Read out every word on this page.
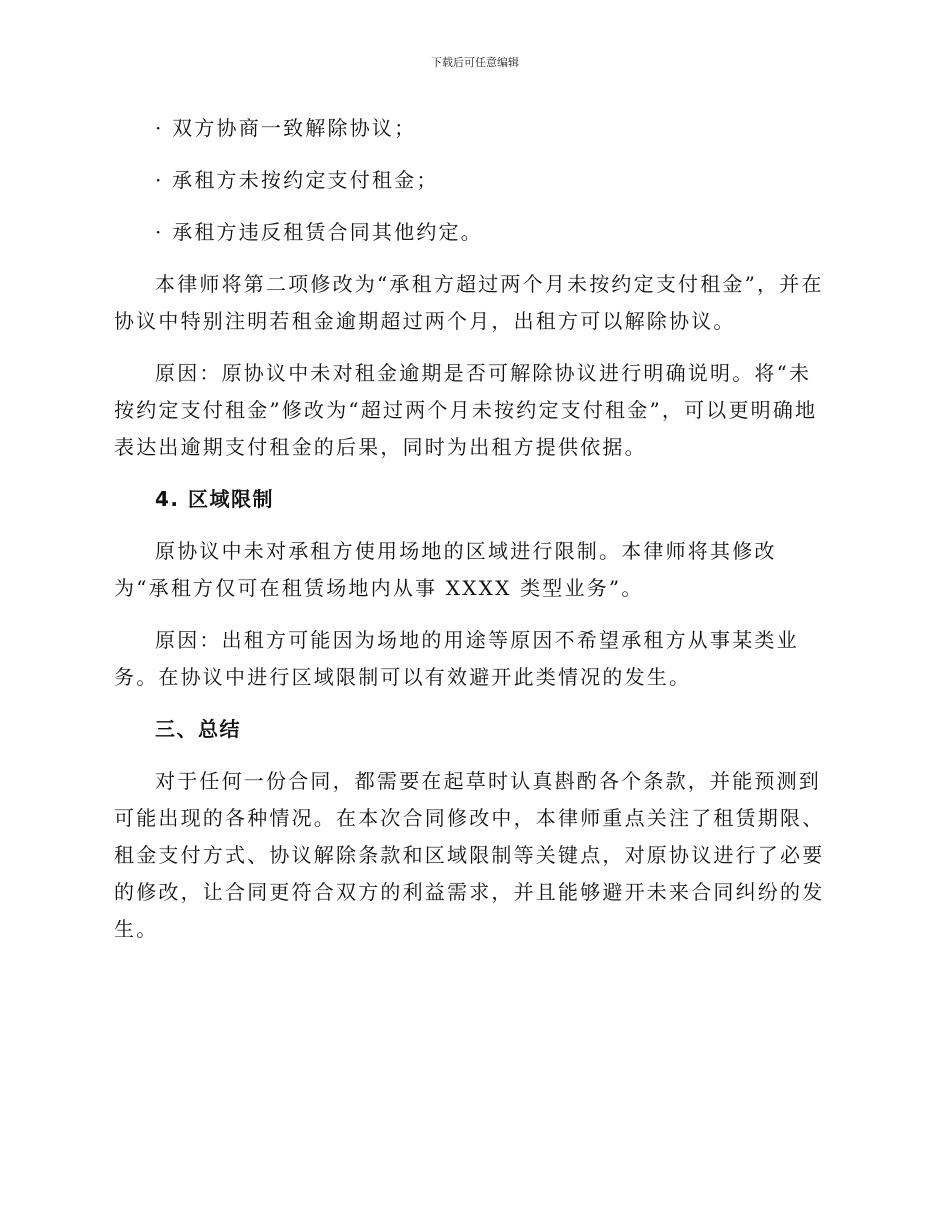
下载后可任意编辑

· 双方协商一致解除协议；

· 承租方未按约定支付租金；

· 承租方违反租赁合同其他约定。

本律师将第二项修改为“承租方超过两个月未按约定支付租金”，并在协议中特别注明若租金逾期超过两个月，出租方可以解除协议。

原因：原协议中未对租金逾期是否可解除协议进行明确说明。将“未按约定支付租金”修改为“超过两个月未按约定支付租金”，可以更明确地表达出逾期支付租金的后果，同时为出租方提供依据。

4. 区域限制

原协议中未对承租方使用场地的区域进行限制。本律师将其修改为“承租方仅可在租赁场地内从事 XXXX 类型业务”。

原因：出租方可能因为场地的用途等原因不希望承租方从事某类业务。在协议中进行区域限制可以有效避开此类情况的发生。

三、总结

对于任何一份合同，都需要在起草时认真斟酌各个条款，并能预测到可能出现的各种情况。在本次合同修改中，本律师重点关注了租赁期限、租金支付方式、协议解除条款和区域限制等关键点，对原协议进行了必要的修改，让合同更符合双方的利益需求，并且能够避开未来合同纠纷的发生。
